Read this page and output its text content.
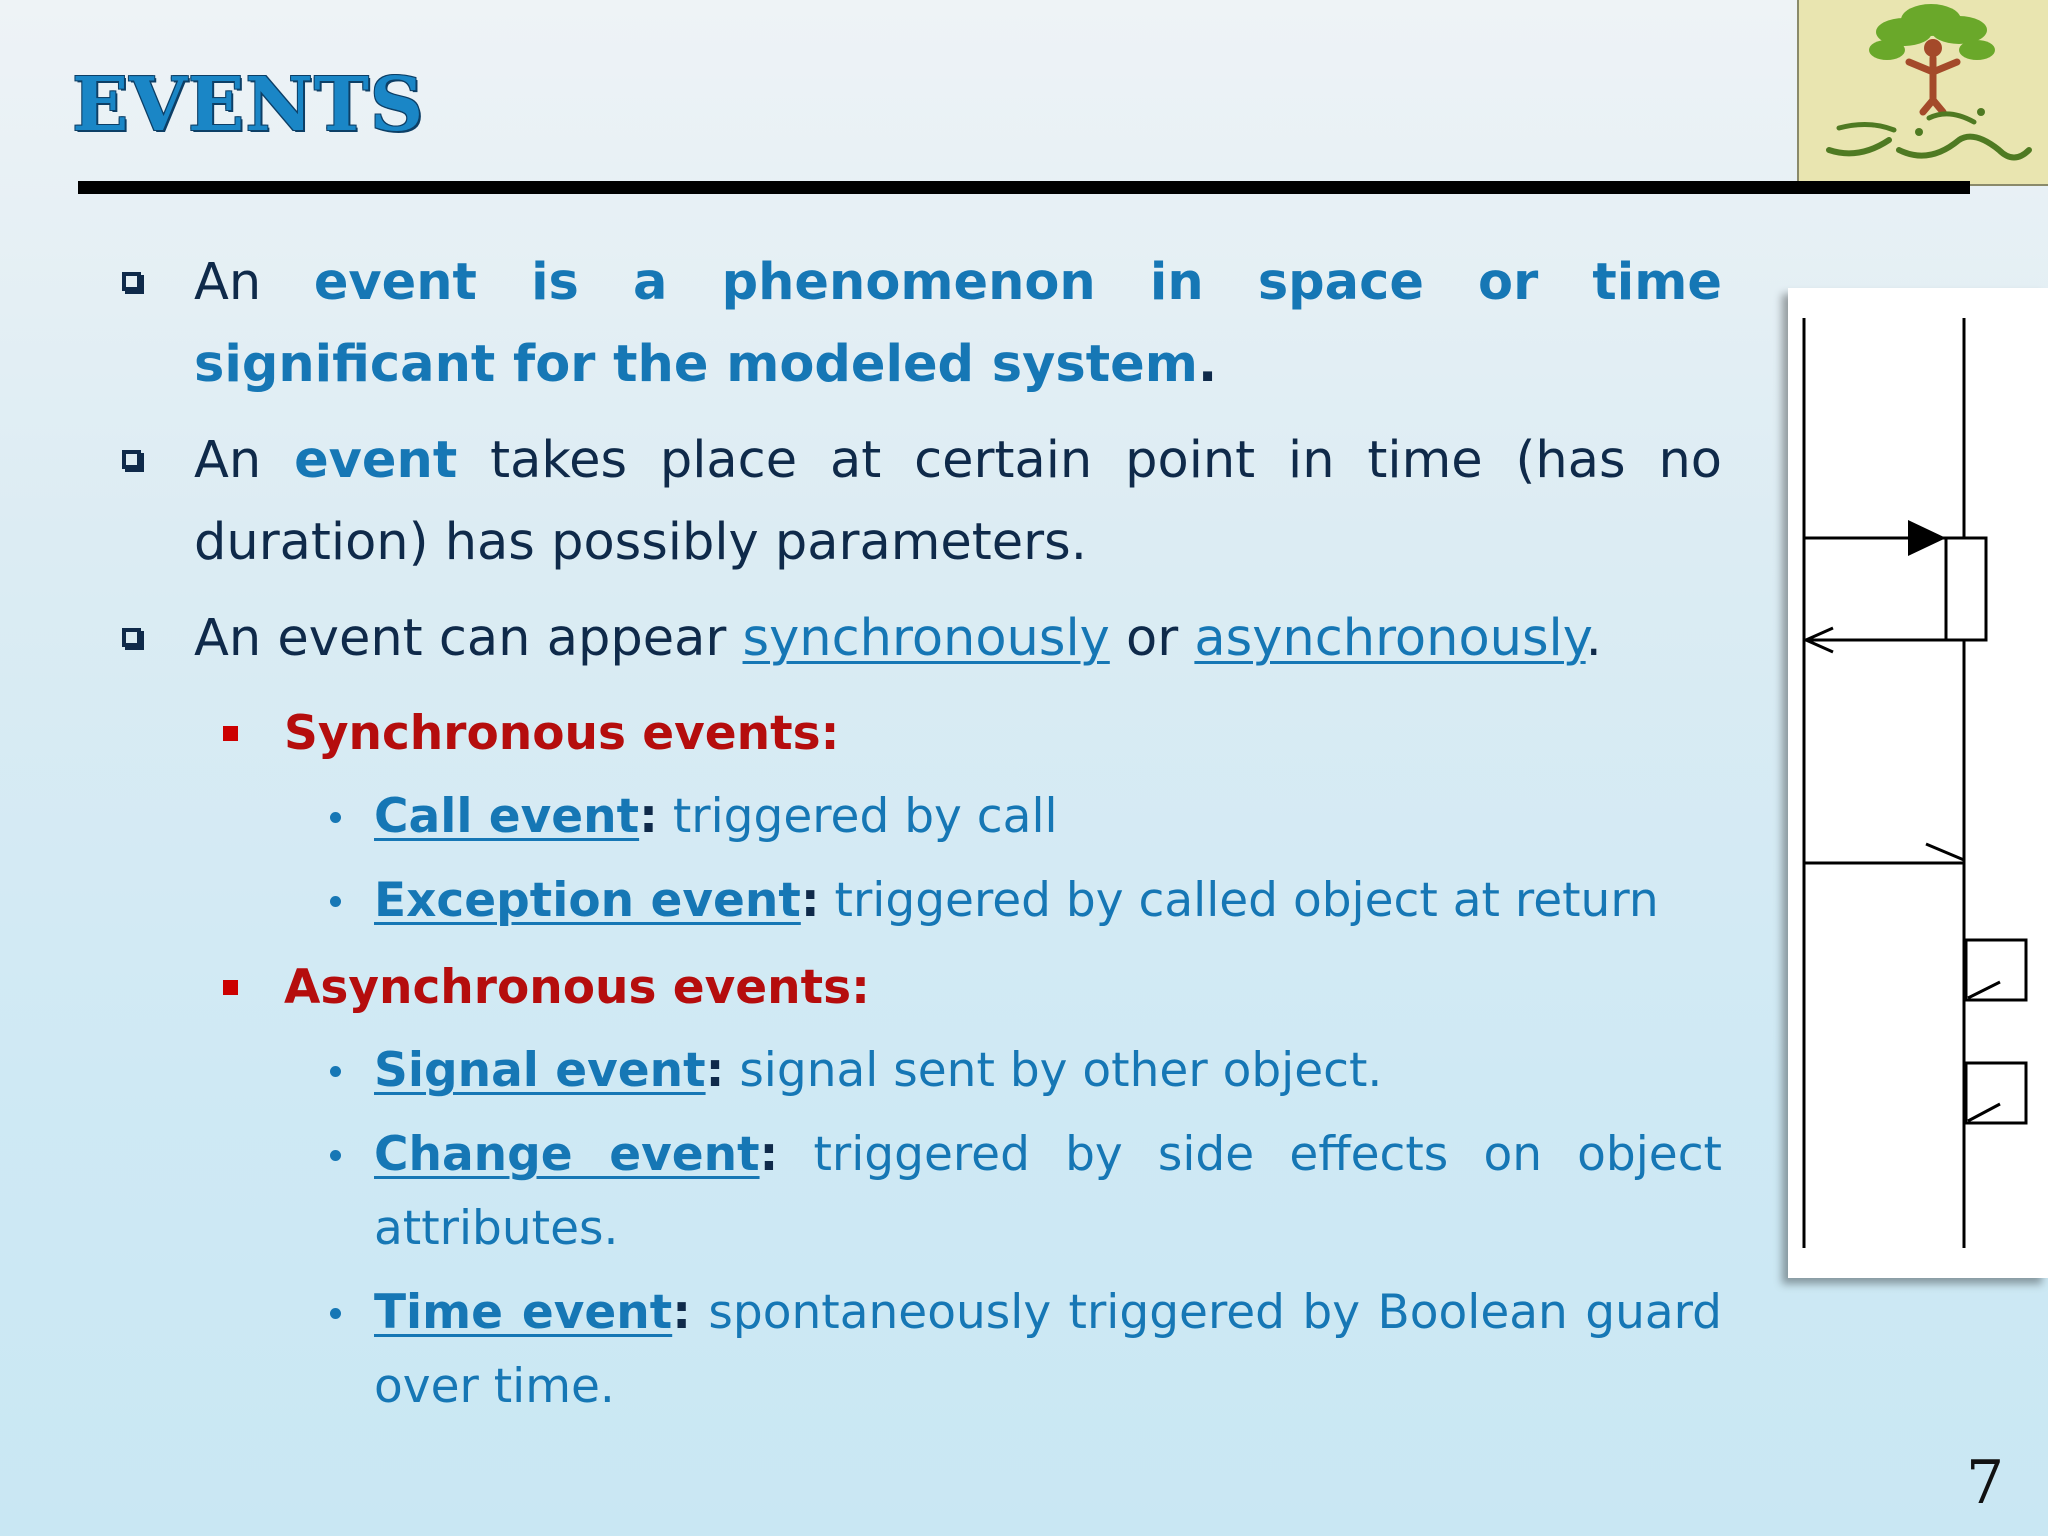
EVENTS
An event is a phenomenon in space or time significant for the modeled system.
An event takes place at certain point in time (has no duration) has possibly parameters.
An event can appear synchronously or asynchronously.
Synchronous events:
Call event: triggered by call
Exception event: triggered by called object at return
Asynchronous events:
Signal event: signal sent by other object.
Change event: triggered by side effects on object attributes.
Time event: spontaneously triggered by Boolean guard over time.
7
